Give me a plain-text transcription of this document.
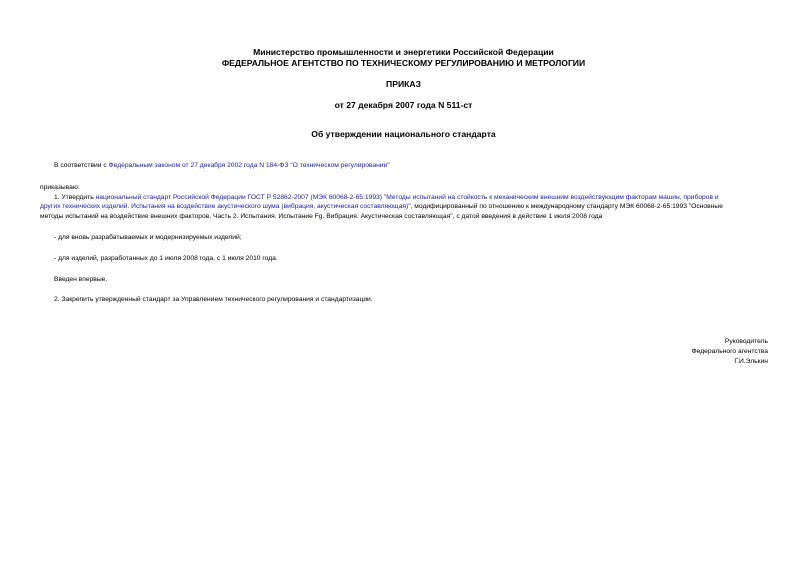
Министерство промышленности и энергетики Российской Федерации
ФЕДЕРАЛЬНОЕ АГЕНТСТВО ПО ТЕХНИЧЕСКОМУ РЕГУЛИРОВАНИЮ И МЕТРОЛОГИИ
ПРИКАЗ
от 27 декабря 2007 года N 511-ст
Об утверждении национального стандарта
В соответствии с Федеральным законом от 27 декабря 2002 года N 184-ФЗ "О техническом регулировании"
приказываю:
1. Утвердить национальный стандарт Российской Федерации ГОСТ Р 52862-2007 (МЭК 60068-2-65:1993) "Методы испытаний на стойкость к механическим внешним воздействующим факторам машин, приборов и
других технических изделий. Испытания на воздействие акустического шума (вибрация, акустическая составляющая)", модифицированный по отношению к международному стандарту МЭК 60068-2-65:1993 "Основные
методы испытаний на воздействие внешних факторов. Часть 2. Испытания. Испытание Fg. Вибрация. Акустическая составляющая", с датой введения в действие 1 июля 2008 года
- для вновь разрабатываемых и модернизируемых изделий;
- для изделий, разработанных до 1 июля 2008 года, с 1 июля 2010 года.
Введен впервые.
2. Закрепить утвержденный стандарт за Управлением технического регулирования и стандартизации.
Руководитель
Федерального агентства
Г.И.Элькин
